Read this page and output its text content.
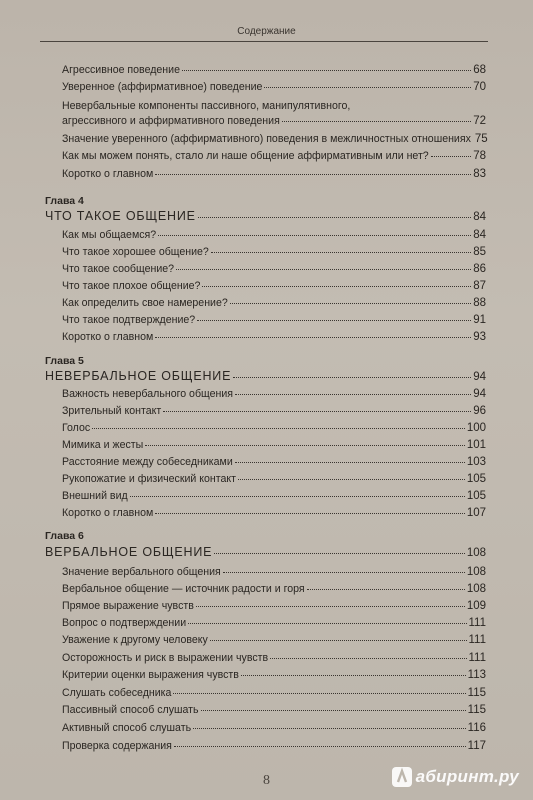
Содержание
Агрессивное поведение	68
Уверенное (аффирмативное) поведение	70
Невербальные компоненты пассивного, манипулятивного,
агрессивного и аффирмативного поведения	72
Значение уверенного (аффирмативного) поведения в межличностных отношениях 75
Как мы можем понять, стало ли наше общение аффирмативным или нет?	78
Коротко о главном	83
Глава 4
ЧТО ТАКОЕ ОБЩЕНИЕ	84
Как мы общаемся?	84
Что такое хорошее общение?	85
Что такое сообщение?	86
Что такое плохое общение?	87
Как определить свое намерение?	88
Что такое подтверждение?	91
Коротко о главном	93
Глава 5
НЕВЕРБАЛЬНОЕ ОБЩЕНИЕ	94
Важность невербального общения	94
Зрительный контакт	96
Голос	100
Мимика и жесты	101
Расстояние между собеседниками	103
Рукопожатие и физический контакт	105
Внешний вид	105
Коротко о главном	107
Глава 6
ВЕРБАЛЬНОЕ ОБЩЕНИЕ	108
Значение вербального общения	108
Вербальное общение — источник радости и горя	108
Прямое выражение чувств	109
Вопрос о подтверждении	111
Уважение к другому человеку	111
Осторожность и риск в выражении чувств	111
Критерии оценки выражения чувств	113
Слушать собеседника	115
Пассивный способ слушать	115
Активный способ слушать	116
Проверка содержания	117
8	абиринт.ру
